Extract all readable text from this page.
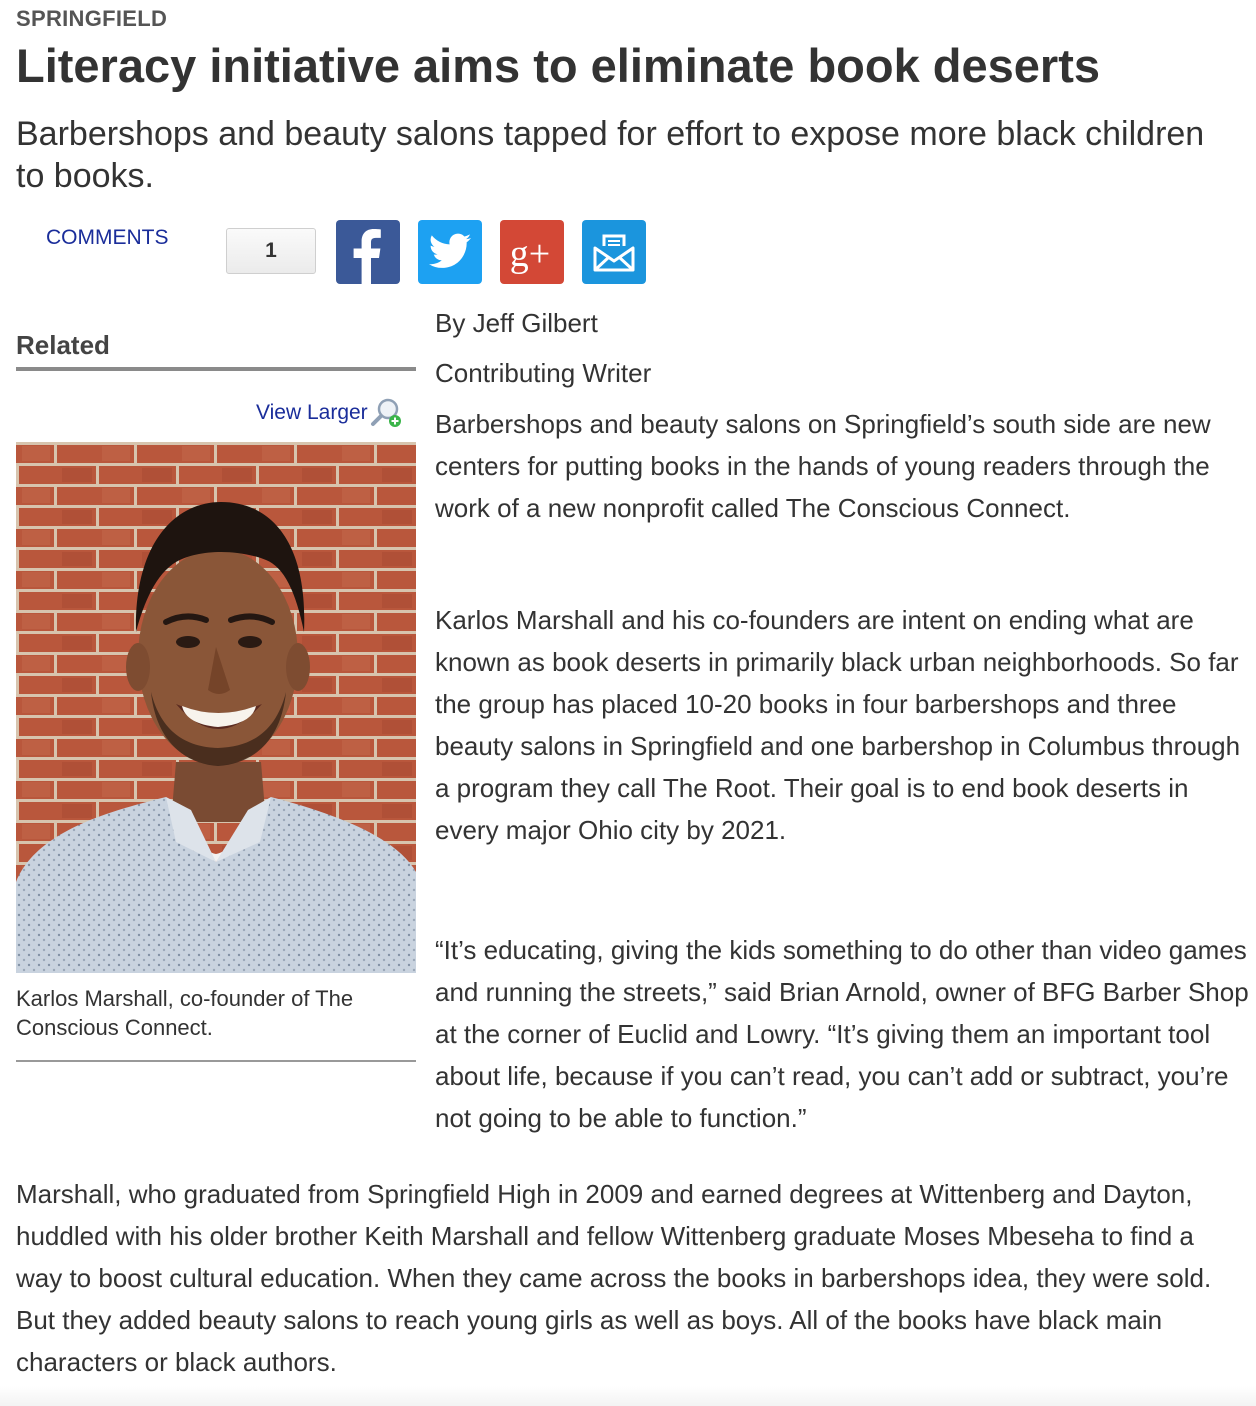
SPRINGFIELD
Literacy initiative aims to eliminate book deserts
Barbershops and beauty salons tapped for effort to expose more black children to books.
COMMENTS
1	g+
Related
View Larger
Karlos Marshall, co-founder of The Conscious Connect.
By Jeff Gilbert
Contributing Writer

Barbershops and beauty salons on Springfield’s south side are new centers for putting books in the hands of young readers through the work of a new nonprofit called The Conscious Connect.

Karlos Marshall and his co-founders are intent on ending what are known as book deserts in primarily black urban neighborhoods. So far the group has placed 10-20 books in four barbershops and three beauty salons in Springfield and one barbershop in Columbus through a program they call The Root. Their goal is to end book deserts in every major Ohio city by 2021.

“It’s educating, giving the kids something to do other than video games and running the streets,” said Brian Arnold, owner of BFG Barber Shop at the corner of Euclid and Lowry. “It’s giving them an important tool about life, because if you can’t read, you can’t add or subtract, you’re not going to be able to function.”

Marshall, who graduated from Springfield High in 2009 and earned degrees at Wittenberg and Dayton, huddled with his older brother Keith Marshall and fellow Wittenberg graduate Moses Mbeseha to find a way to boost cultural education. When they came across the books in barbershops idea, they were sold. But they added beauty salons to reach young girls as well as boys. All of the books have black main characters or black authors.
